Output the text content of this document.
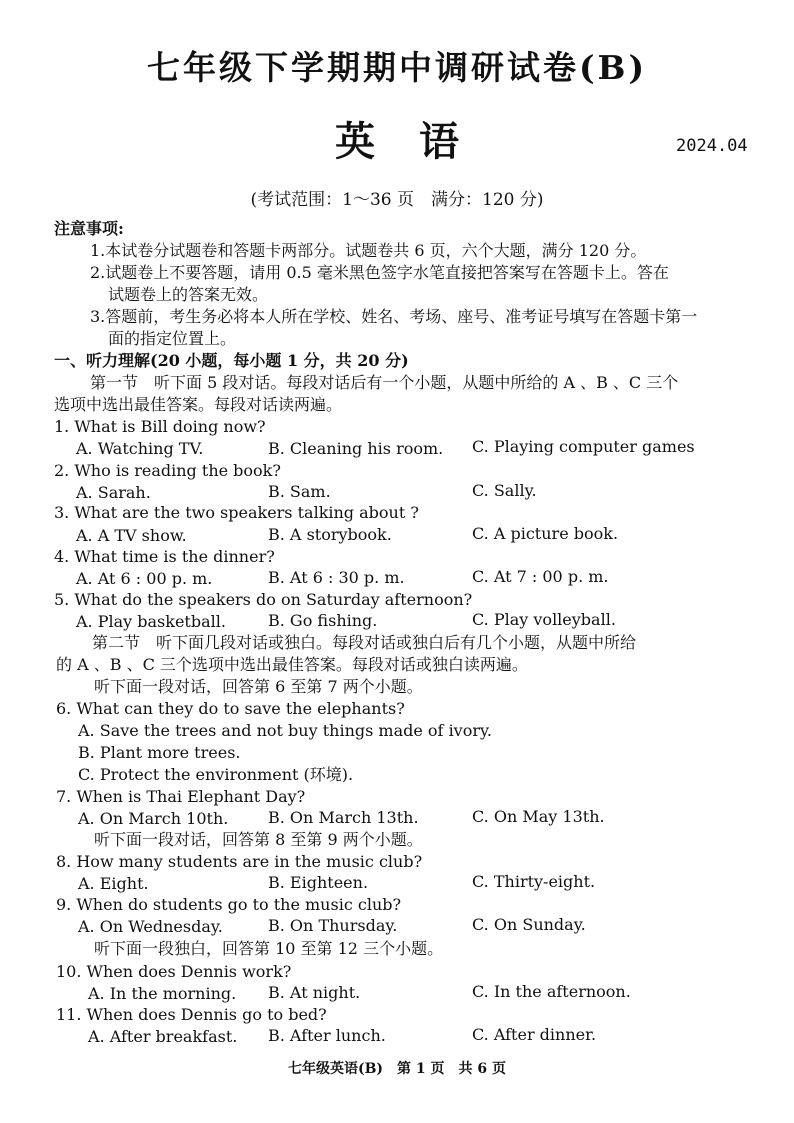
七年级下学期期中调研试卷(B)
英语	2024.04
(考试范围：1～36 页　满分：120 分)
注意事项:
1.本试卷分试题卷和答题卡两部分。试题卷共 6 页，六个大题，满分 120 分。
2.试题卷上不要答题，请用 0.5 毫米黑色签字水笔直接把答案写在答题卡上。答在
试题卷上的答案无效。
3.答题前，考生务必将本人所在学校、姓名、考场、座号、准考证号填写在答题卡第一
面的指定位置上。
一、听力理解(20 小题，每小题 1 分，共 20 分)
第一节　听下面 5 段对话。每段对话后有一个小题，从题中所给的 A 、B 、C 三个
选项中选出最佳答案。每段对话读两遍。
1. What is Bill doing now?
A. Watching TV.	B. Cleaning his room. C. Playing computer games
2. Who is reading the book?
A. Sarah.	B. Sam.	C. Sally.
3. What are the two speakers talking about ?
A. A TV show.	B. A storybook.	C. A picture book.
4. What time is the dinner?
A. At 6 : 00 p. m.	B. At 6 : 30 p. m.	C. At 7 : 00 p. m.
5. What do the speakers do on Saturday afternoon?
A. Play basketball.	B. Go fishing.	C. Play volleyball.
第二节　听下面几段对话或独白。每段对话或独白后有几个小题，从题中所给
的 A 、B 、C 三个选项中选出最佳答案。每段对话或独白读两遍。
听下面一段对话，回答第 6 至第 7 两个小题。
6. What can they do to save the elephants?
A. Save the trees and not buy things made of ivory.
B. Plant more trees.
C. Protect the environment (环境).
7. When is Thai Elephant Day?
A. On March 10th. B. On March 13th.	C. On May 13th.
听下面一段对话，回答第 8 至第 9 两个小题。
8. How many students are in the music club?
A. Eight.	B. Eighteen.	C. Thirty-eight.
9. When do students go to the music club?
A. On Wednesday.	B. On Thursday.	C. On Sunday.
听下面一段独白，回答第 10 至第 12 三个小题。
10. When does Dennis work?
A. In the morning. B. At night.	C. In the afternoon.
11. When does Dennis go to bed?
A. After breakfast. B. After lunch.	C. After dinner.
七年级英语(B)　第 1 页　共 6 页
